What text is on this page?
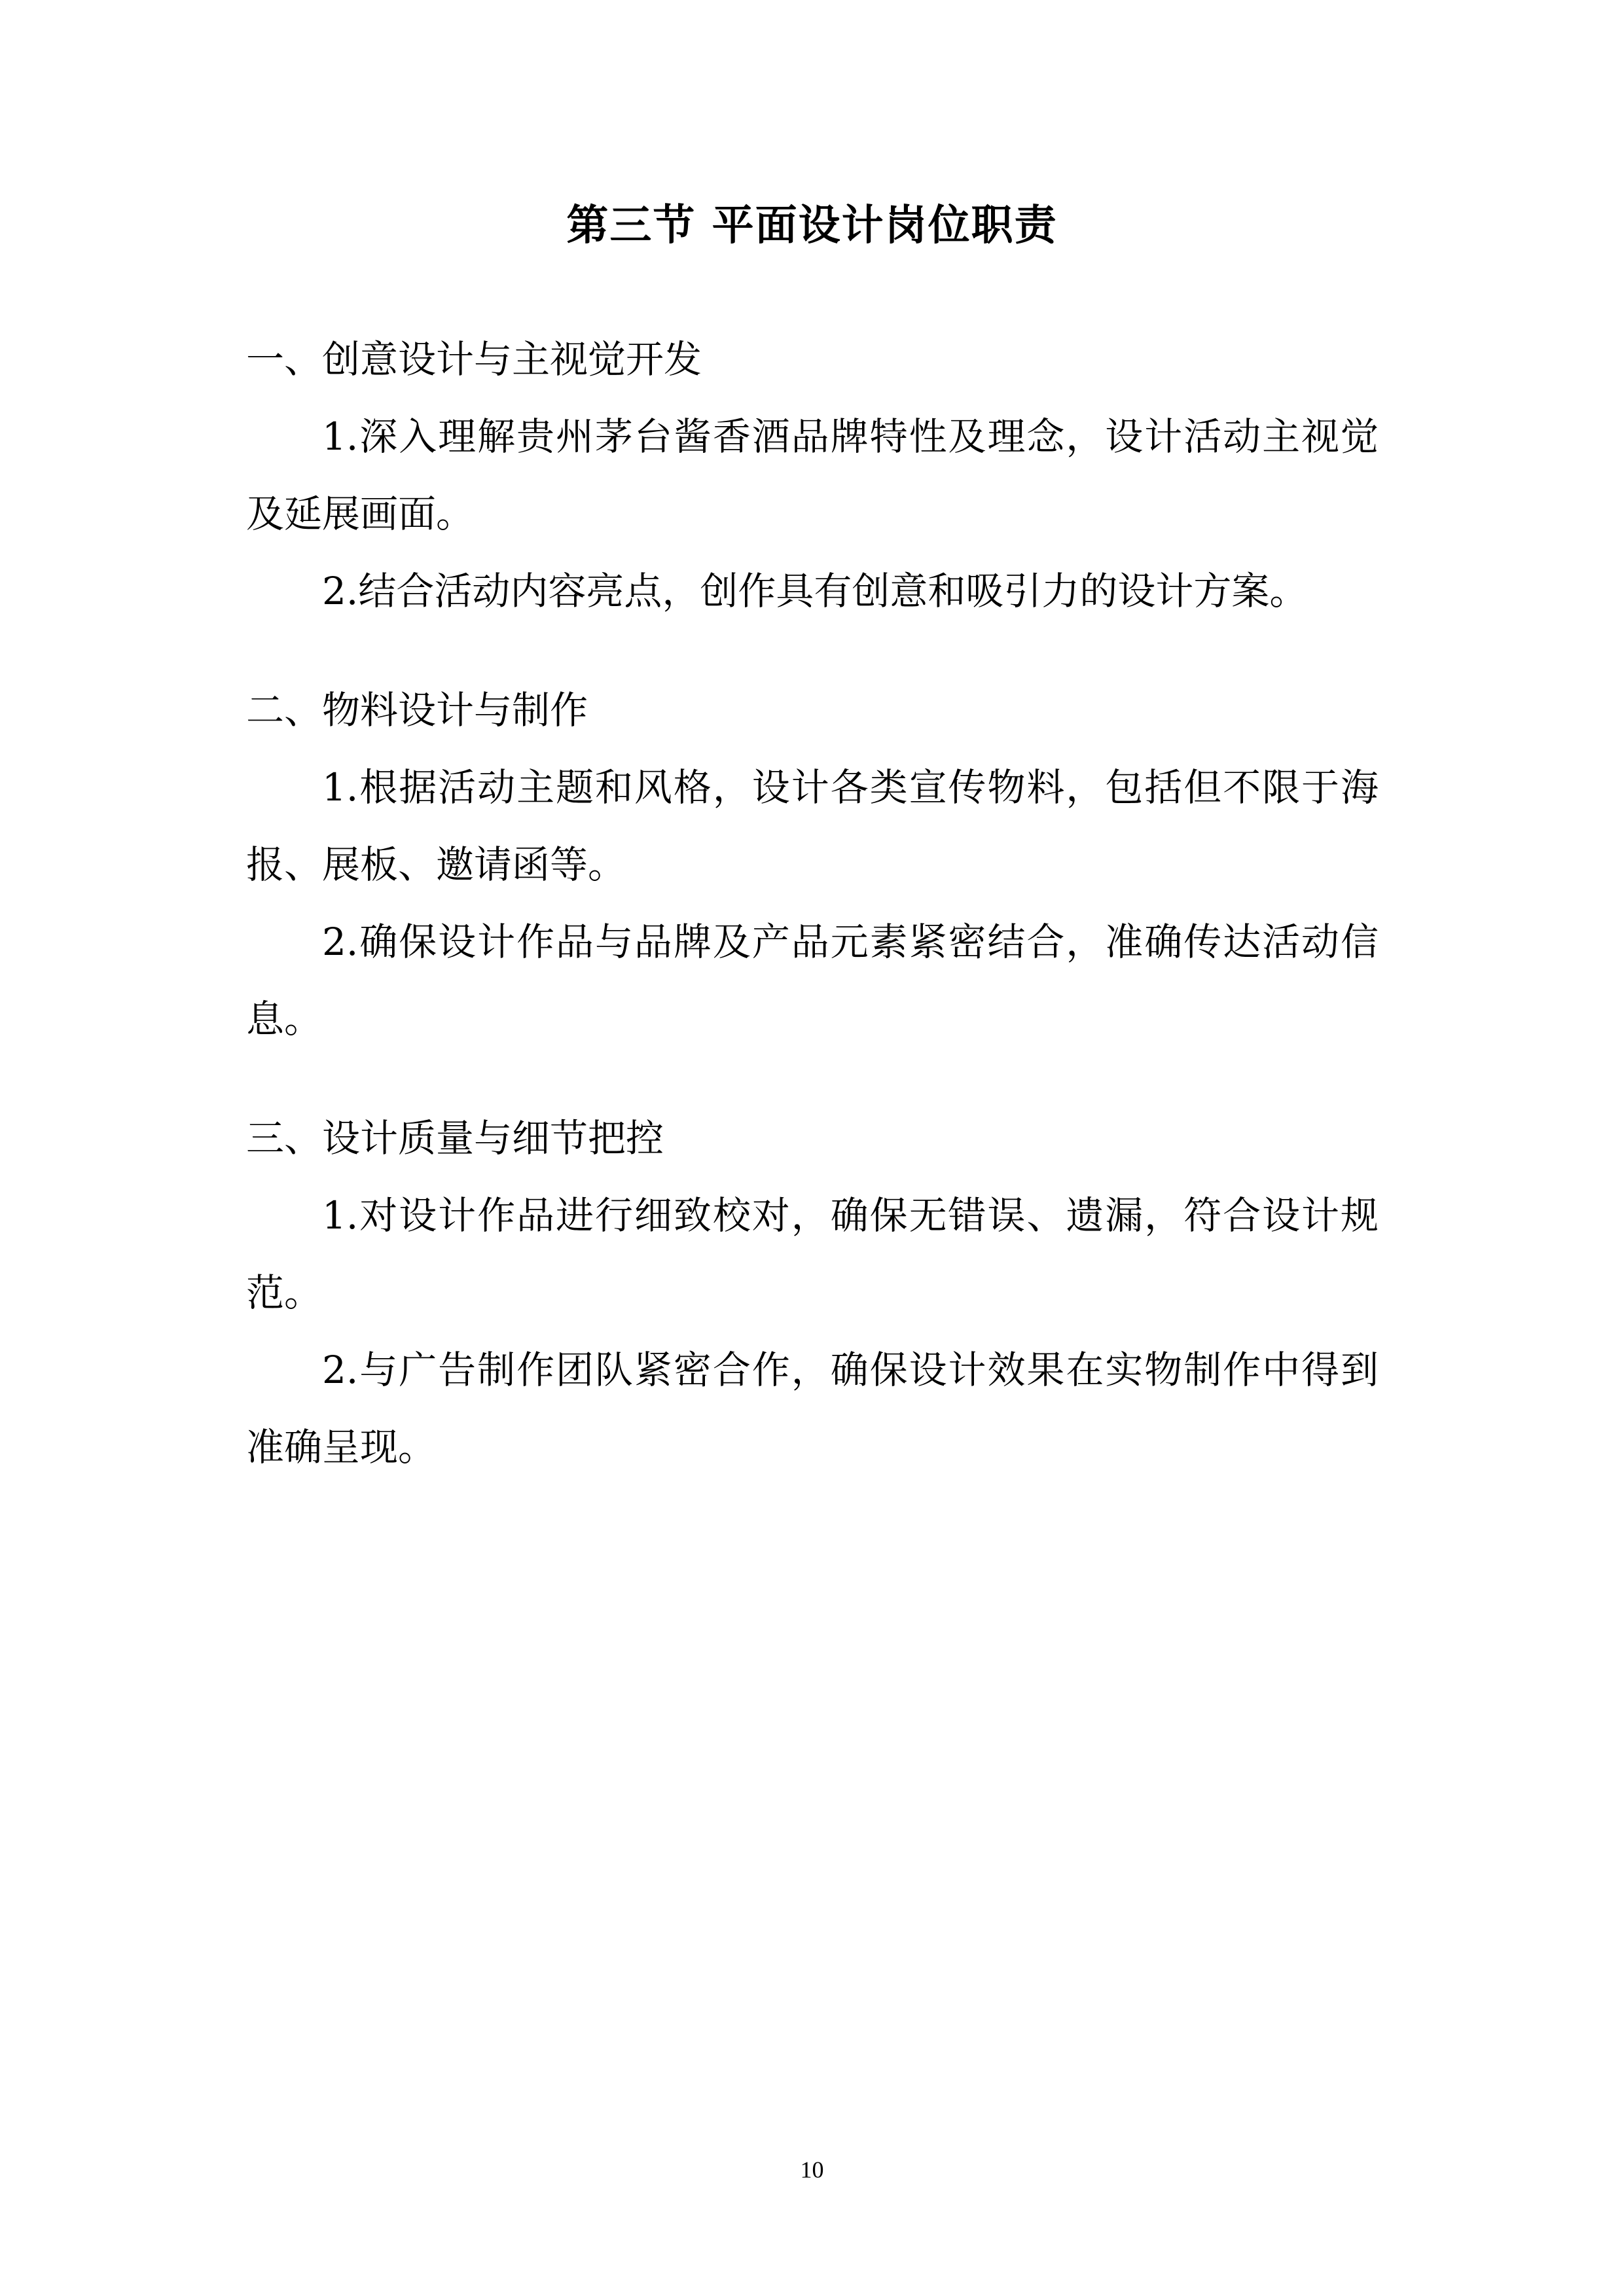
第三节 平面设计岗位职责

一、创意设计与主视觉开发

1.深入理解贵州茅台酱香酒品牌特性及理念，设计活动主视觉及延展画面。

2.结合活动内容亮点，创作具有创意和吸引力的设计方案。

二、物料设计与制作

1.根据活动主题和风格，设计各类宣传物料，包括但不限于海报、展板、邀请函等。

2.确保设计作品与品牌及产品元素紧密结合，准确传达活动信息。

三、设计质量与细节把控

1.对设计作品进行细致校对，确保无错误、遗漏，符合设计规范。

2.与广告制作团队紧密合作，确保设计效果在实物制作中得到准确呈现。

10
